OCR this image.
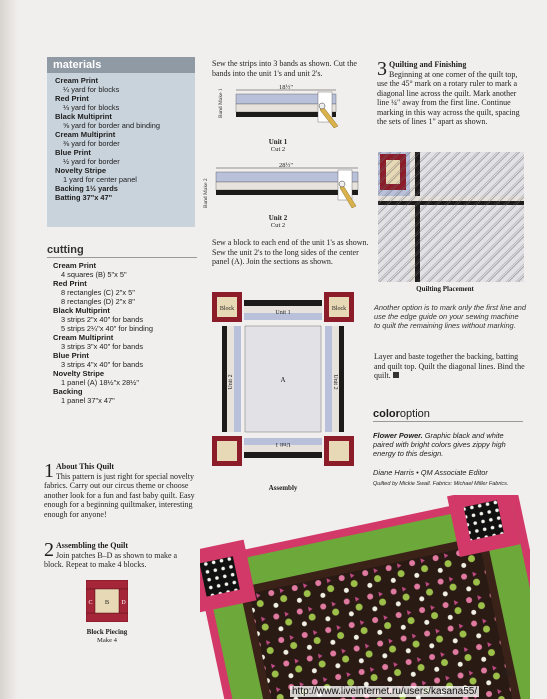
materials
Cream Print
¼ yard for blocks
Red Print
⅓ yard for blocks
Black Multiprint
⅝ yard for border and binding
Cream Multiprint
⅜ yard for border
Blue Print
½ yard for border
Novelty Stripe
1 yard for center panel
Backing 1½ yards
Batting 37"x 47"
cutting
Cream Print
4 squares (B) 5"x 5"
Red Print
8 rectangles (C) 2"x 5"
8 rectangles (D) 2"x 8"
Black Multiprint
3 strips 2"x 40" for bands
5 strips 2¼"x 40" for binding
Cream Multiprint
3 strips 3"x 40" for bands
Blue Print
3 strips 4"x 40" for bands
Novelty Stripe
1 panel (A) 18½"x 28½"
Backing
1 panel 37"x 47"
1 About This Quilt
This pattern is just right for special novelty fabrics. Carry out our circus theme or choose another look for a fun and fast baby quilt. Easy enough for a beginning quiltmaker, interesting enough for anyone!
2 Assembling the Quilt
Join patches B–D as shown to make a block. Repeat to make 4 blocks.
B
C	D
Block Piecing
Make 4
Sew the strips into 3 bands as shown. Cut the bands into the unit 1's and unit 2's.
18½"
Band Make 1
Unit 1
Cut 2
28½"
Band Make 2
Unit 2
Cut 2
Sew a block to each end of the unit 1's as shown. Sew the unit 2's to the long sides of the center panel (A). Join the sections as shown.
Block	Block
Unit 1
Unit 2	A	Unit 2
Unit 1
Assembly
3 Quilting and Finishing
Beginning at one corner of the quilt top, use the 45° mark on a rotary ruler to mark a diagonal line across the quilt. Mark another line ¼" away from the first line. Continue marking in this way across the quilt, spacing the sets of lines 1" apart as shown.
Quilting Placement
Another option is to mark only the first line and use the edge guide on your sewing machine to quilt the remaining lines without marking.
Layer and baste together the backing, batting and quilt top. Quilt the diagonal lines. Bind the quilt.
coloroption
Flower Power. Graphic black and white paired with bright colors gives zippy high energy to this design.
Diane Harris • QM Associate Editor
Quilted by Mickie Swall. Fabrics: Michael Miller Fabrics.
45
http://www.liveinternet.ru/users/kasana55/
